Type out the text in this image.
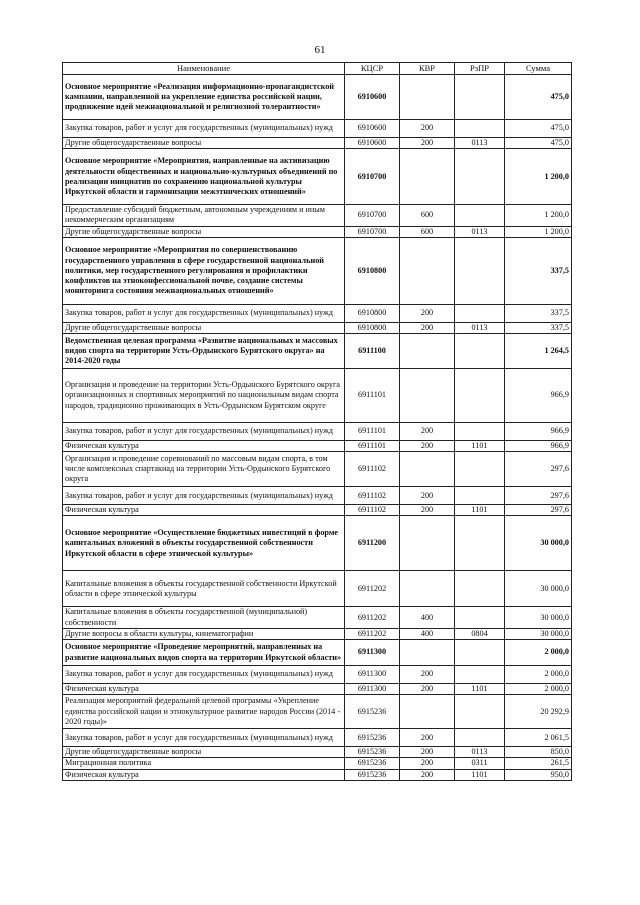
61
Наименование	КЦСР	КВР	РзПР	Сумма
Основное мероприятие «Реализация информационно-пропагандистской кампании, направленной на укрепление единства российской нации, продвижение идей межнациональной и религиозной толерантности»	6910600			475,0
Закупка товаров, работ и услуг для государственных (муниципальных) нужд	6910600	200		475,0
Другие общегосударственные вопросы	6910600	200	0113	475,0
Основное мероприятие «Мероприятия, направленные на активизацию деятельности общественных и национально-культурных объединений по реализации инициатив по сохранению национальной культуры Иркутской области и гармонизации межэтнических отношений»	6910700			1 200,0
Предоставление субсидий бюджетным, автономным учреждениям и иным некоммерческим организациям	6910700	600		1 200,0
Другие общегосударственные вопросы	6910700	600	0113	1 200,0
Основное мероприятие «Мероприятия по совершенствованию государственного управления в сфере государственной национальной политики, мер государственного регулирования и профилактики конфликтов на этноконфессиональной почве, создание системы мониторинга состояния межнациональных отношений»	6910800			337,5
Закупка товаров, работ и услуг для государственных (муниципальных) нужд	6910800	200		337,5
Другие общегосударственные вопросы	6910800	200	0113	337,5
Ведомственная целевая программа «Развитие национальных и массовых видов спорта на территории Усть-Ордынского Бурятского округа» на 2014-2020 годы	6911100			1 264,5
Организация и проведение на территории Усть-Ордынского Бурятского округа организационных и спортивных мероприятий по национальным видам спорта народов, традиционно проживающих в Усть-Ордынском Бурятском округе	6911101			966,9
Закупка товаров, работ и услуг для государственных (муниципальных) нужд	6911101	200		966,9
Физическая культура	6911101	200	1101	966,9
Организация и проведение соревнований по массовым видам спорта, в том числе комплексных спартакиад на территории Усть-Ордынского Бурятского округа	6911102			297,6
Закупка товаров, работ и услуг для государственных (муниципальных) нужд	6911102	200		297,6
Физическая культура	6911102	200	1101	297,6
Основное мероприятие «Осуществление бюджетных инвестиций в форме капитальных вложений в объекты государственной собственности Иркутской области в сфере этнической культуры»	6911200			30 000,0
Капитальные вложения в объекты государственной собственности Иркутской области в сфере этнической культуры	6911202			30 000,0
Капитальные вложения в объекты государственной (муниципальной) собственности	6911202	400		30 000,0
Другие вопросы в области культуры, кинематографии	6911202	400	0804	30 000,0
Основное мероприятие «Проведение мероприятий, направленных на развитие национальных видов спорта на территории Иркутской области»	6911300			2 000,0
Закупка товаров, работ и услуг для государственных (муниципальных) нужд	6911300	200		2 000,0
Физическая культура	6911300	200	1101	2 000,0
Реализация мероприятий федеральной целевой программы «Укрепление единства российской нации и этнокультурное развитие народов России (2014 - 2020 годы)»	6915236			20 292,9
Закупка товаров, работ и услуг для государственных (муниципальных) нужд	6915236	200		2 061,5
Другие общегосударственные вопросы	6915236	200	0113	850,0
Миграционная политика	6915236	200	0311	261,5
Физическая культура	6915236	200	1101	950,0
